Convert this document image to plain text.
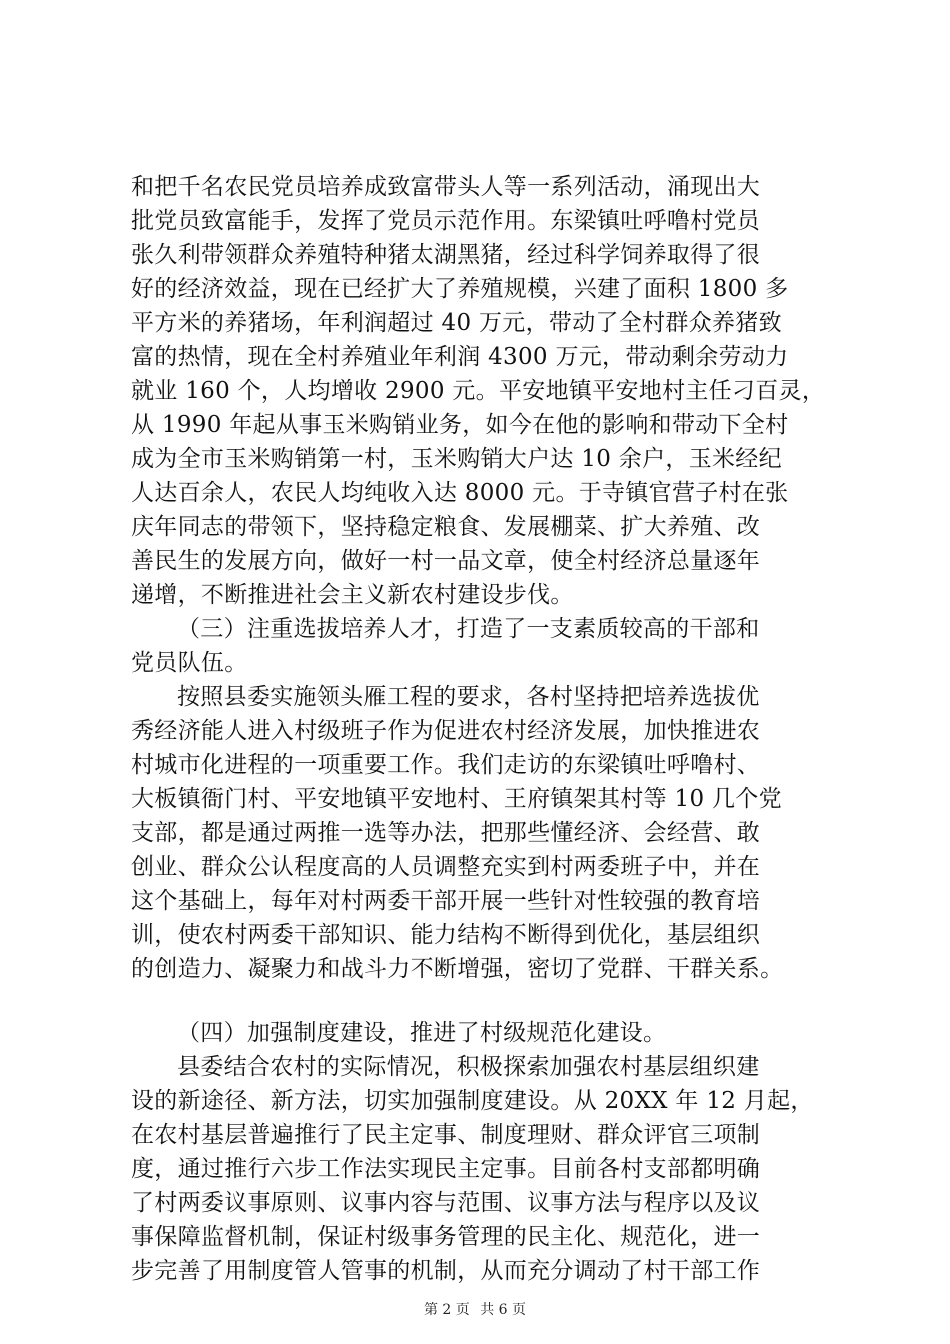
和把千名农民党员培养成致富带头人等一系列活动，涌现出大
批党员致富能手，发挥了党员示范作用。东梁镇吐呼噜村党员
张久利带领群众养殖特种猪太湖黑猪，经过科学饲养取得了很
好的经济效益，现在已经扩大了养殖规模，兴建了面积 1800 多
平方米的养猪场，年利润超过 40 万元，带动了全村群众养猪致
富的热情，现在全村养殖业年利润 4300 万元，带动剩余劳动力
就业 160 个，人均增收 2900 元。平安地镇平安地村主任刁百灵，
从 1990 年起从事玉米购销业务，如今在他的影响和带动下全村
成为全市玉米购销第一村，玉米购销大户达 10 余户，玉米经纪
人达百余人，农民人均纯收入达 8000 元。于寺镇官营子村在张
庆年同志的带领下，坚持稳定粮食、发展棚菜、扩大养殖、改
善民生的发展方向，做好一村一品文章，使全村经济总量逐年
递增，不断推进社会主义新农村建设步伐。
（三）注重选拔培养人才，打造了一支素质较高的干部和
党员队伍。
按照县委实施领头雁工程的要求，各村坚持把培养选拔优
秀经济能人进入村级班子作为促进农村经济发展，加快推进农
村城市化进程的一项重要工作。我们走访的东梁镇吐呼噜村、
大板镇衙门村、平安地镇平安地村、王府镇架其村等 10 几个党
支部，都是通过两推一选等办法，把那些懂经济、会经营、敢
创业、群众公认程度高的人员调整充实到村两委班子中，并在
这个基础上，每年对村两委干部开展一些针对性较强的教育培
训，使农村两委干部知识、能力结构不断得到优化，基层组织
的创造力、凝聚力和战斗力不断增强，密切了党群、干群关系。
（四）加强制度建设，推进了村级规范化建设。
县委结合农村的实际情况，积极探索加强农村基层组织建
设的新途径、新方法，切实加强制度建设。从 20XX 年 12 月起，
在农村基层普遍推行了民主定事、制度理财、群众评官三项制
度，通过推行六步工作法实现民主定事。目前各村支部都明确
了村两委议事原则、议事内容与范围、议事方法与程序以及议
事保障监督机制，保证村级事务管理的民主化、规范化，进一
步完善了用制度管人管事的机制，从而充分调动了村干部工作
第 2 页 共 6 页
